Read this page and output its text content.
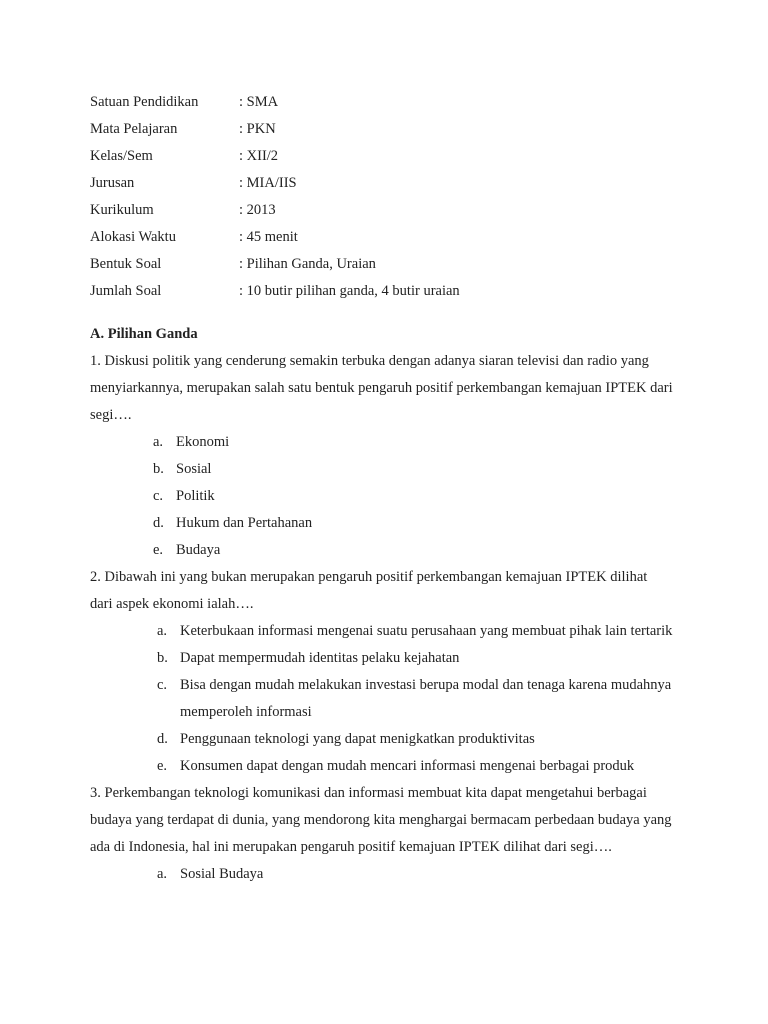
Satuan Pendidikan	: SMA
Mata Pelajaran	: PKN
Kelas/Sem	: XII/2
Jurusan	: MIA/IIS
Kurikulum	: 2013
Alokasi Waktu	: 45 menit
Bentuk Soal	: Pilihan Ganda, Uraian
Jumlah Soal	: 10 butir pilihan ganda, 4 butir uraian
A. Pilihan Ganda
1. Diskusi politik yang cenderung semakin terbuka dengan adanya siaran televisi dan radio yang menyiarkannya, merupakan salah satu bentuk pengaruh positif perkembangan kemajuan IPTEK dari segi….
a. Ekonomi
b. Sosial
c. Politik
d. Hukum dan Pertahanan
e. Budaya
2. Dibawah ini yang bukan merupakan pengaruh positif perkembangan kemajuan IPTEK dilihat dari aspek ekonomi ialah….
a. Keterbukaan informasi mengenai suatu perusahaan yang membuat pihak lain tertarik
b. Dapat mempermudah identitas pelaku kejahatan
c. Bisa dengan mudah melakukan investasi berupa modal dan tenaga karena mudahnya memperoleh informasi
d. Penggunaan teknologi yang dapat menigkatkan produktivitas
e. Konsumen dapat dengan mudah mencari informasi mengenai berbagai produk
3. Perkembangan teknologi komunikasi dan informasi membuat kita dapat mengetahui berbagai budaya yang terdapat di dunia, yang mendorong kita menghargai bermacam perbedaan budaya yang ada di Indonesia, hal ini merupakan pengaruh positif kemajuan IPTEK dilihat dari segi….
a. Sosial Budaya
